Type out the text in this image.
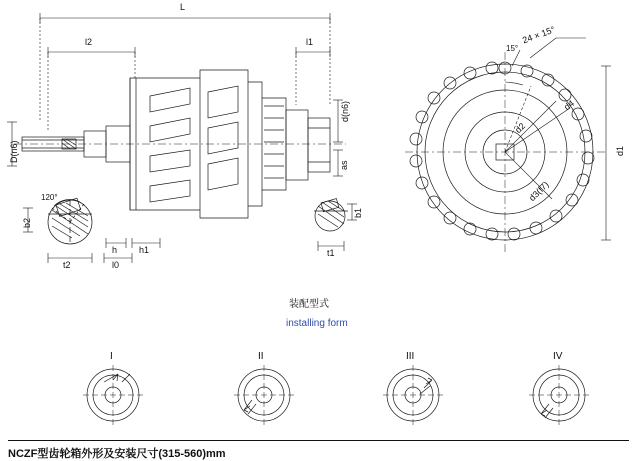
L
l2	l1
d(n6)
D(n6)
as
b2
120°
h h1
t2	l0
b1
t1
24 × 15°
15°
d4
d2
d3(f7)
d1
装配型式
installing form
I	II	III	IV
NCZF型齿轮箱外形及安装尺寸(315-560)mm
